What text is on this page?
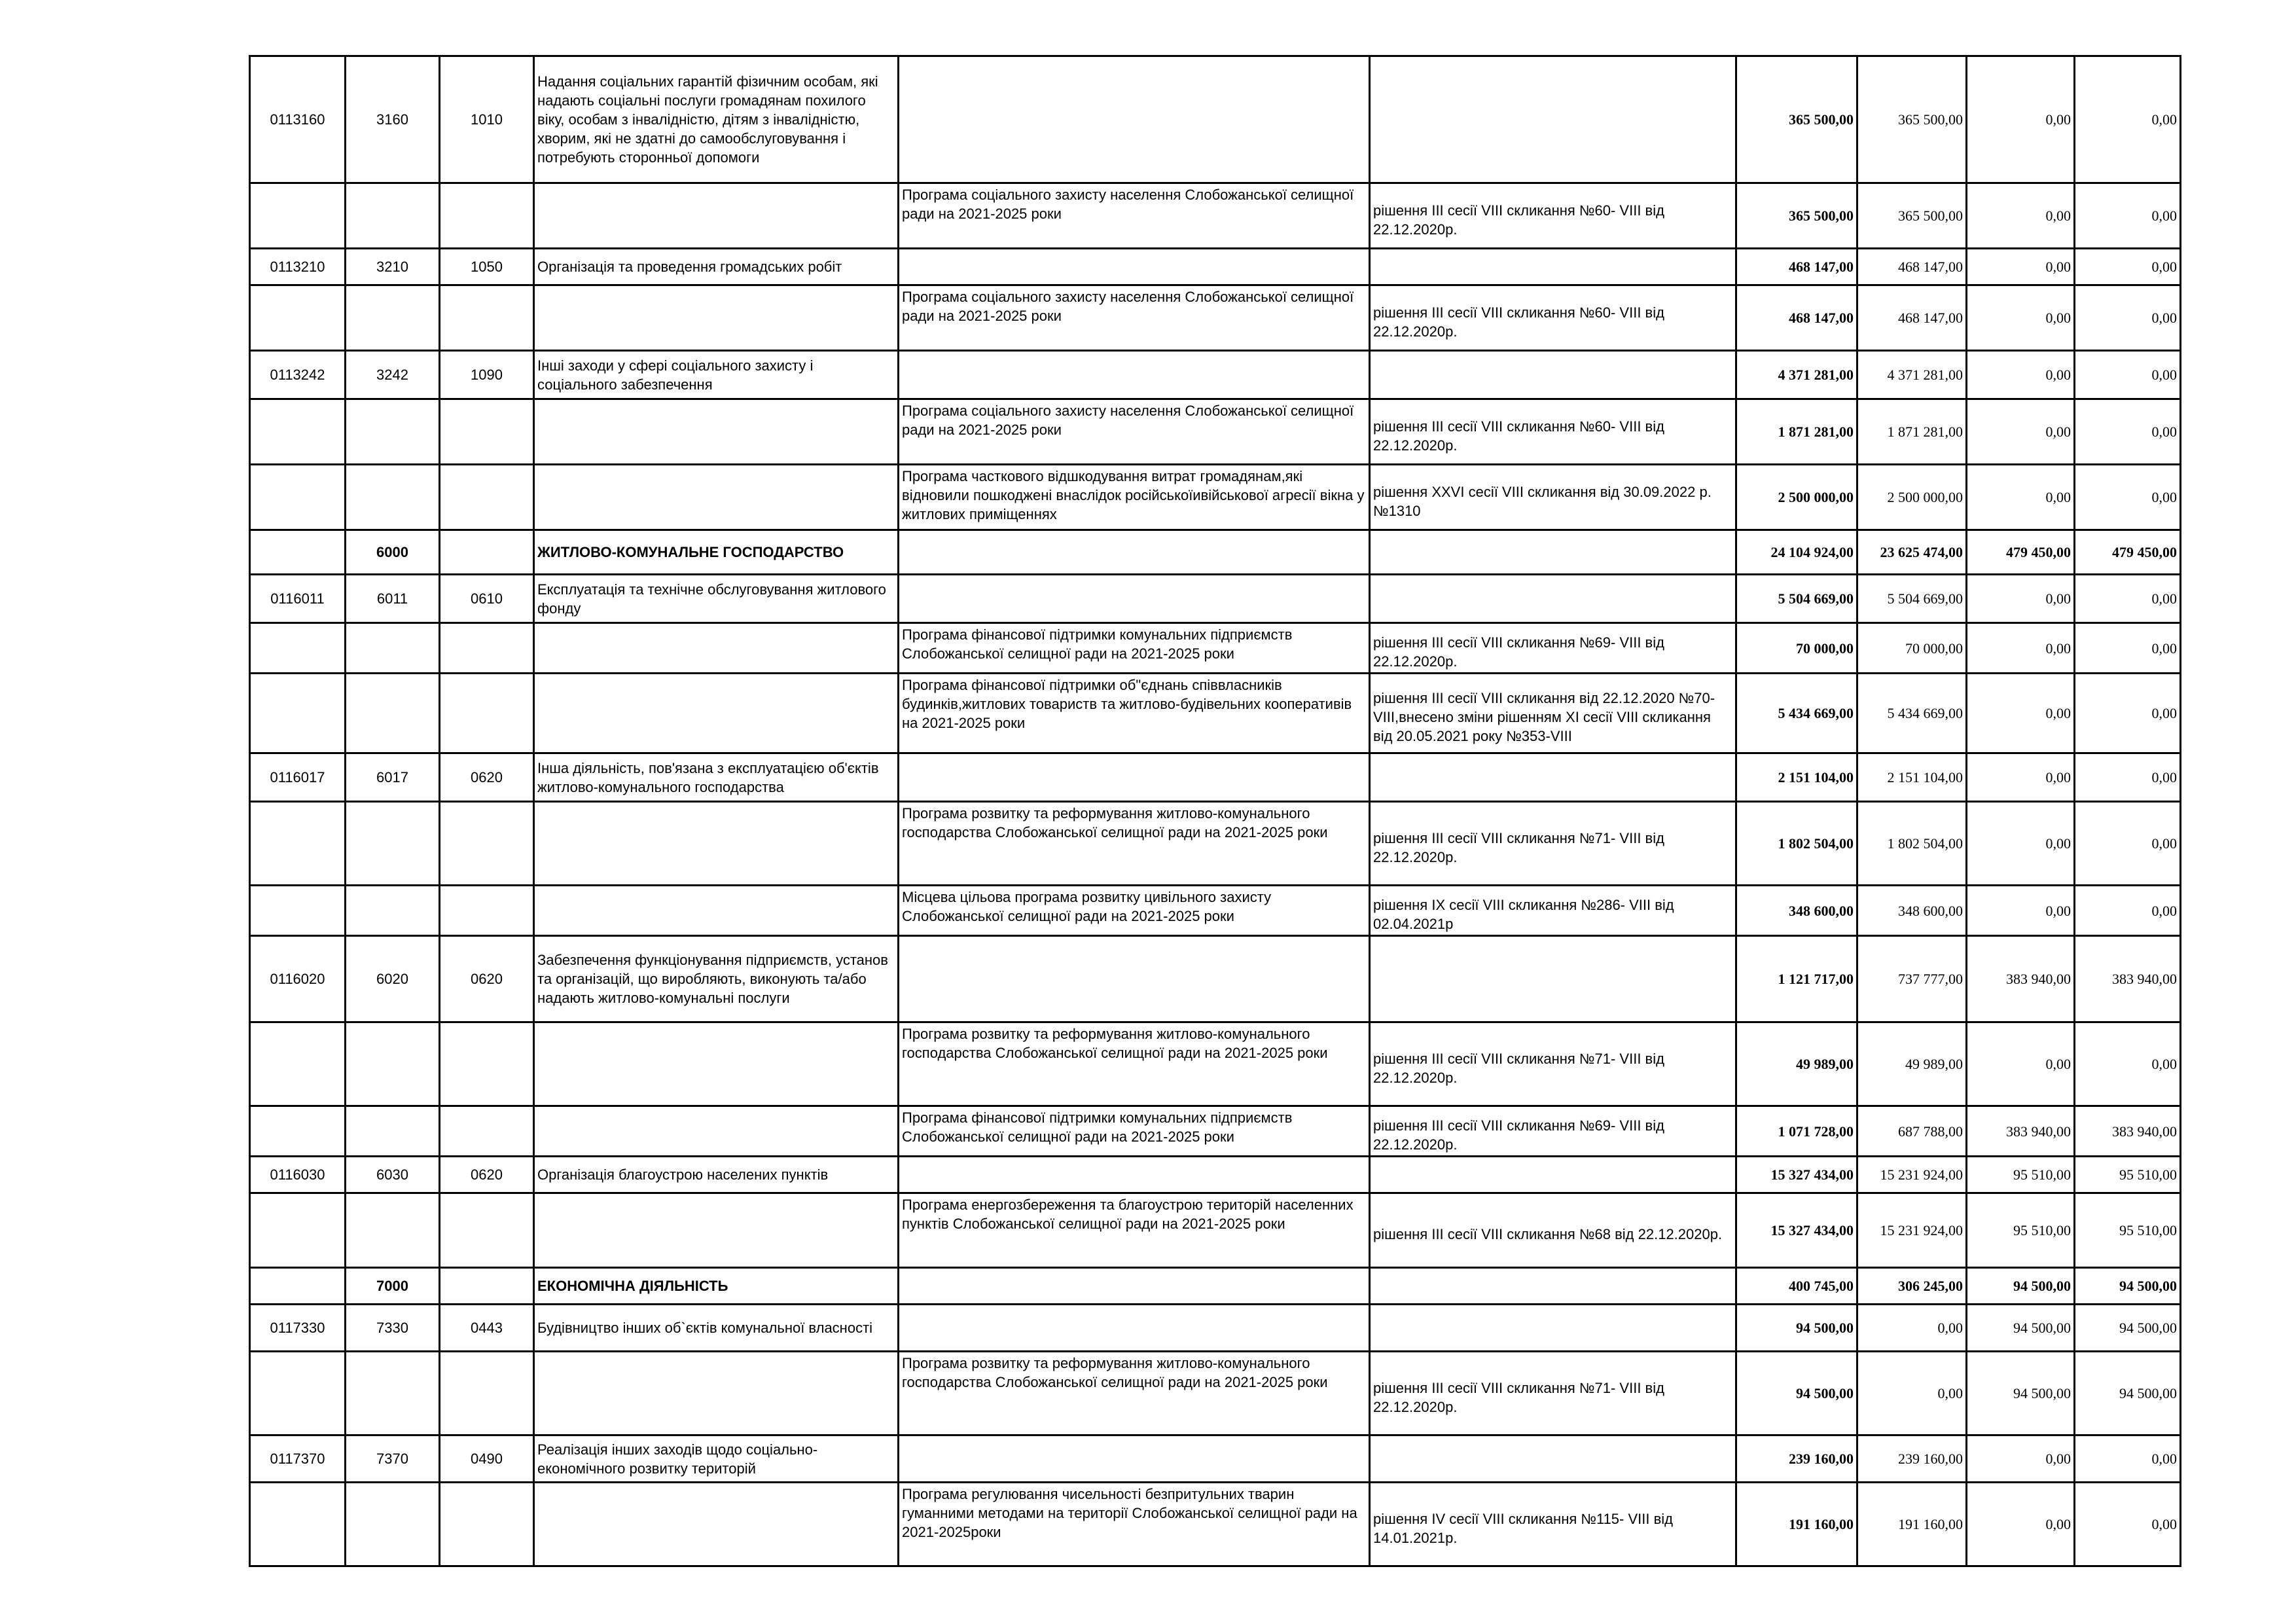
0113160	3160	1010	Надання соціальних гарантій фізичним особам, які надають соціальні послуги громадянам похилого віку, особам з інвалідністю, дітям з інвалідністю, хворим, які не здатні до самообслуговування і потребують сторонньої допомоги			365 500,00	365 500,00	0,00	0,00
				Програма соціального захисту населення Слобожанської селищної ради на 2021-2025 роки	рішення ІІІ сесії VIII скликання №60- VIII від 22.12.2020р.	365 500,00	365 500,00	0,00	0,00
0113210	3210	1050	Організація та проведення громадських робіт			468 147,00	468 147,00	0,00	0,00
				Програма соціального захисту населення Слобожанської селищної ради на 2021-2025 роки	рішення ІІІ сесії VIII скликання №60- VIII від 22.12.2020р.	468 147,00	468 147,00	0,00	0,00
0113242	3242	1090	Інші заходи у сфері соціального захисту і соціального забезпечення			4 371 281,00	4 371 281,00	0,00	0,00
				Програма соціального захисту населення Слобожанської селищної ради на 2021-2025 роки	рішення ІІІ сесії VIII скликання №60- VIII від 22.12.2020р.	1 871 281,00	1 871 281,00	0,00	0,00
				Програма часткового відшкодування витрат громадянам,які відновили пошкоджені внаслідок російськоїивійськової агресії вікна у житлових приміщеннях	рішення XXVI сесії VIII скликання від 30.09.2022 р.№1310	2 500 000,00	2 500 000,00	0,00	0,00
	6000		ЖИТЛОВО-КОМУНАЛЬНЕ ГОСПОДАРСТВО			24 104 924,00	23 625 474,00	479 450,00	479 450,00
0116011	6011	0610	Експлуатація та технічне обслуговування житлового фонду			5 504 669,00	5 504 669,00	0,00	0,00
				Програма фінансової підтримки комунальних підприємств Слобожанської селищної ради на 2021-2025 роки	рішення ІІІ сесії VIII скликання №69- VIII від 22.12.2020р.	70 000,00	70 000,00	0,00	0,00
				Програма фінансової підтримки об"єднань співвласників будинків,житлових товариств та житлово-будівельних кооперативів на 2021-2025 роки	рішення ІІІ сесії VIII скликання від 22.12.2020 №70-VIII,внесено зміни рішенням XI сесії VIII скликання від 20.05.2021 року №353-VIII	5 434 669,00	5 434 669,00	0,00	0,00
0116017	6017	0620	Інша діяльність, пов'язана з експлуатацією об'єктів житлово-комунального господарства			2 151 104,00	2 151 104,00	0,00	0,00
				Програма розвитку та реформування житлово-комунального господарства Слобожанської селищної ради на 2021-2025 роки	рішення ІІІ сесії VIII скликання №71- VIII від 22.12.2020р.	1 802 504,00	1 802 504,00	0,00	0,00
				Місцева цільова програма розвитку цивільного захисту Слобожанської селищної ради на 2021-2025 роки	рішення ІХ сесії VIII скликання №286- VIII від 02.04.2021р	348 600,00	348 600,00	0,00	0,00
0116020	6020	0620	Забезпечення функціонування підприємств, установ та організацій, що виробляють, виконують та/або надають житлово-комунальні послуги			1 121 717,00	737 777,00	383 940,00	383 940,00
				Програма розвитку та реформування житлово-комунального господарства Слобожанської селищної ради на 2021-2025 роки	рішення ІІІ сесії VIII скликання №71- VIII від 22.12.2020р.	49 989,00	49 989,00	0,00	0,00
				Програма фінансової підтримки комунальних підприємств Слобожанської селищної ради на 2021-2025 роки	рішення ІІІ сесії VIII скликання №69- VIII від 22.12.2020р.	1 071 728,00	687 788,00	383 940,00	383 940,00
0116030	6030	0620	Організація благоустрою населених пунктів			15 327 434,00	15 231 924,00	95 510,00	95 510,00
				Програма енергозбереження та благоустрою територій населенних пунктів Слобожанської селищної ради на 2021-2025 роки	рішення ІІІ сесії VIII скликання №68 від 22.12.2020р.	15 327 434,00	15 231 924,00	95 510,00	95 510,00
	7000		ЕКОНОМІЧНА ДІЯЛЬНІСТЬ			400 745,00	306 245,00	94 500,00	94 500,00
0117330	7330	0443	Будівництво інших об`єктів комунальної власності			94 500,00	0,00	94 500,00	94 500,00
				Програма розвитку та реформування житлово-комунального господарства Слобожанської селищної ради на 2021-2025 роки	рішення ІІІ сесії VIII скликання №71- VIII від 22.12.2020р.	94 500,00	0,00	94 500,00	94 500,00
0117370	7370	0490	Реалізація інших заходів щодо соціально-економічного розвитку територій			239 160,00	239 160,00	0,00	0,00
				Програма регулювання чисельності безпритульних тварин гуманними методами на території Слобожанської селищної ради на 2021-2025роки	рішення IV сесії VIII скликання №115- VIII від 14.01.2021р.	191 160,00	191 160,00	0,00	0,00
